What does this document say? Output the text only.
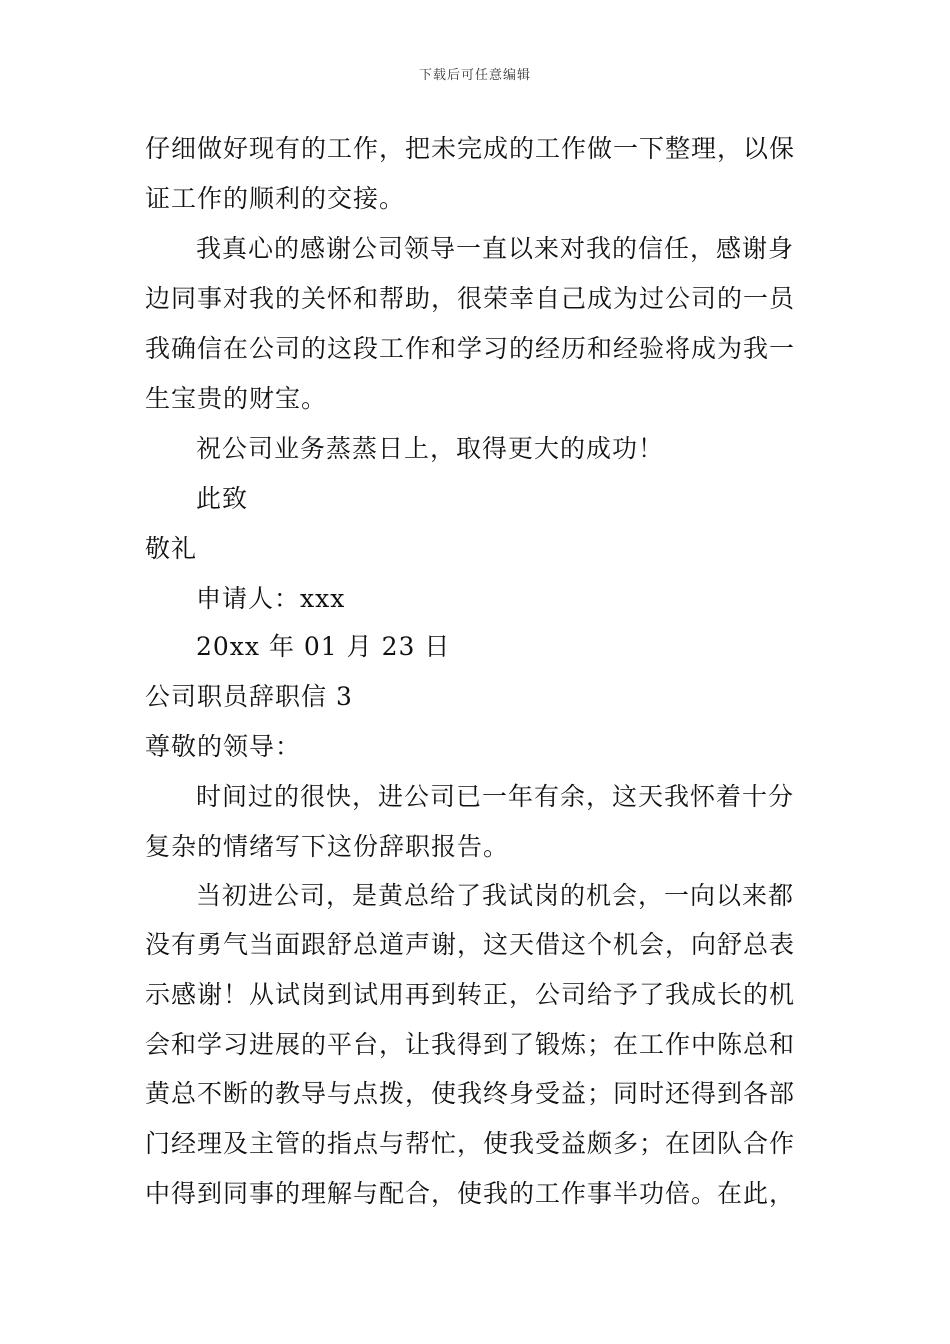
下载后可任意编辑
仔细做好现有的工作，把未完成的工作做一下整理，以保
证工作的顺利的交接。
我真心的感谢公司领导一直以来对我的信任，感谢身
边同事对我的关怀和帮助，很荣幸自己成为过公司的一员
我确信在公司的这段工作和学习的经历和经验将成为我一
生宝贵的财宝。
祝公司业务蒸蒸日上，取得更大的成功！
此致
敬礼
申请人：xxx
20xx 年 01 月 23 日
公司职员辞职信 3
尊敬的领导：
时间过的很快，进公司已一年有余，这天我怀着十分
复杂的情绪写下这份辞职报告。
当初进公司，是黄总给了我试岗的机会，一向以来都
没有勇气当面跟舒总道声谢，这天借这个机会，向舒总表
示感谢！从试岗到试用再到转正，公司给予了我成长的机
会和学习进展的平台，让我得到了锻炼；在工作中陈总和
黄总不断的教导与点拨，使我终身受益；同时还得到各部
门经理及主管的指点与帮忙，使我受益颇多；在团队合作
中得到同事的理解与配合，使我的工作事半功倍。在此，
